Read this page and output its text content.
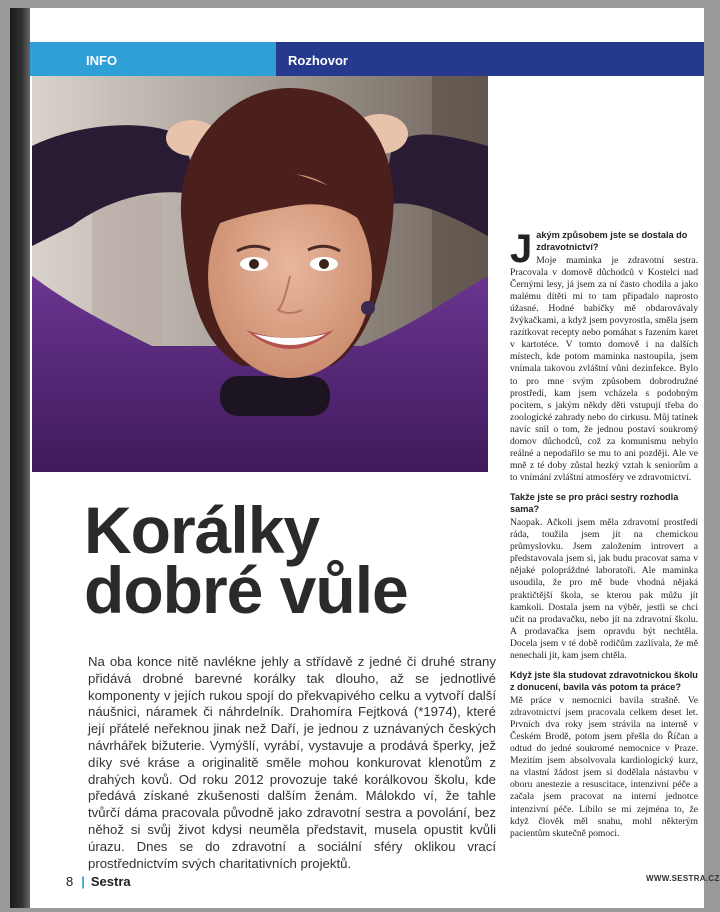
INFO	Rozhovor
Korálky
dobré vůle

Na oba konce nitě navlékne jehly a střídavě z jedné či druhé strany přidává drobné barevné korálky tak dlouho, až se jednotlivé komponenty v jejích rukou spojí do překvapivého celku a vytvoří další náušnici, náramek či náhrdelník. Drahomíra Fejtková (*1974), které její přátelé neřeknou jinak než Daří, je jednou z uznávaných českých návrhářek bižuterie. Vymýšlí, vyrábí, vystavuje a prodává šperky, jež díky své kráse a originalitě směle mohou konkurovat klenotům z drahých kovů. Od roku 2012 provozuje také korálkovou školu, kde předává získané zkušenosti dalším ženám. Málokdo ví, že tahle tvůrčí dáma pracovala původně jako zdravotní sestra a povolání, bez něhož si svůj život kdysi neuměla představit, musela opustit kvůli úrazu. Dnes se do zdravotní a sociální sféry oklikou vrací prostřednictvím svých charitativních projektů.

J akým způsobem jste se dostala do zdravotnictví?

Moje maminka je zdravotní sestra. Pracovala v domově důchodců v Kostelci nad Černými lesy, já jsem za ní často chodila a jako malému dítěti mi to tam připadalo naprosto úžasné. Hodné babičky mě obdarovávaly žvýkačkami, a když jsem povyrostla, směla jsem razítkovat recepty nebo pomáhat s řazením karet v kartotéce. V tomto domově i na dalších místech, kde potom maminka nastoupila, jsem vnímala takovou zvláštní vůni dezinfekce. Bylo to pro mne svým způsobem dobrodružné prostředí, kam jsem vcházela s podobným pocitem, s jakým někdy děti vstupují třeba do zoologické zahrady nebo do cirkusu. Můj tatínek navíc snil o tom, že jednou postaví soukromý domov důchodců, což za komunismu nebylo reálné a nepodařilo se mu to ani později. Ale ve mně z té doby zůstal hezký vztah k seniorům a to vnímání zvláštní atmosféry ve zdravotnictví.

Takže jste se pro práci sestry rozhodla sama?

Naopak. Ačkoli jsem měla zdravotní prostředí ráda, toužila jsem jít na chemickou průmyslovku. Jsem založením introvert a představovala jsem si, jak budu pracovat sama v nějaké polopráždné laboratoři. Ale maminka usoudila, že pro mě bude vhodná nějaká praktičtější škola, se kterou pak můžu jít kamkoli. Dostala jsem na výběr, jestli se chci učit na prodavačku, nebo jít na zdravotní školu. A prodavačka jsem opravdu být nechtěla. Docela jsem v té době rodičům zazlívala, že mě nenechali jít, kam jsem chtěla.

Když jste šla studovat zdravotnickou školu z donucení, bavila vás potom ta práce?

Mě práce v nemocnici bavila strašně. Ve zdravotnictví jsem pracovala celkem deset let. Prvních dva roky jsem strávila na interně v Českém Brodě, potom jsem přešla do Říčan a odtud do jedné soukromé nemocnice v Praze. Mezitím jsem absolvovala kardiologický kurz, na vlastní žádost jsem si dodělala nástavbu v oboru anestezie a resuscitace, intenzivní péče a začala jsem pracovat na interní jednotce intenzivní péče. Líbilo se mi zejména to, že když člověk měl snahu, mohl některým pacientům skutečně pomoci.

8 | Sestra	WWW.SESTRA.CZ
